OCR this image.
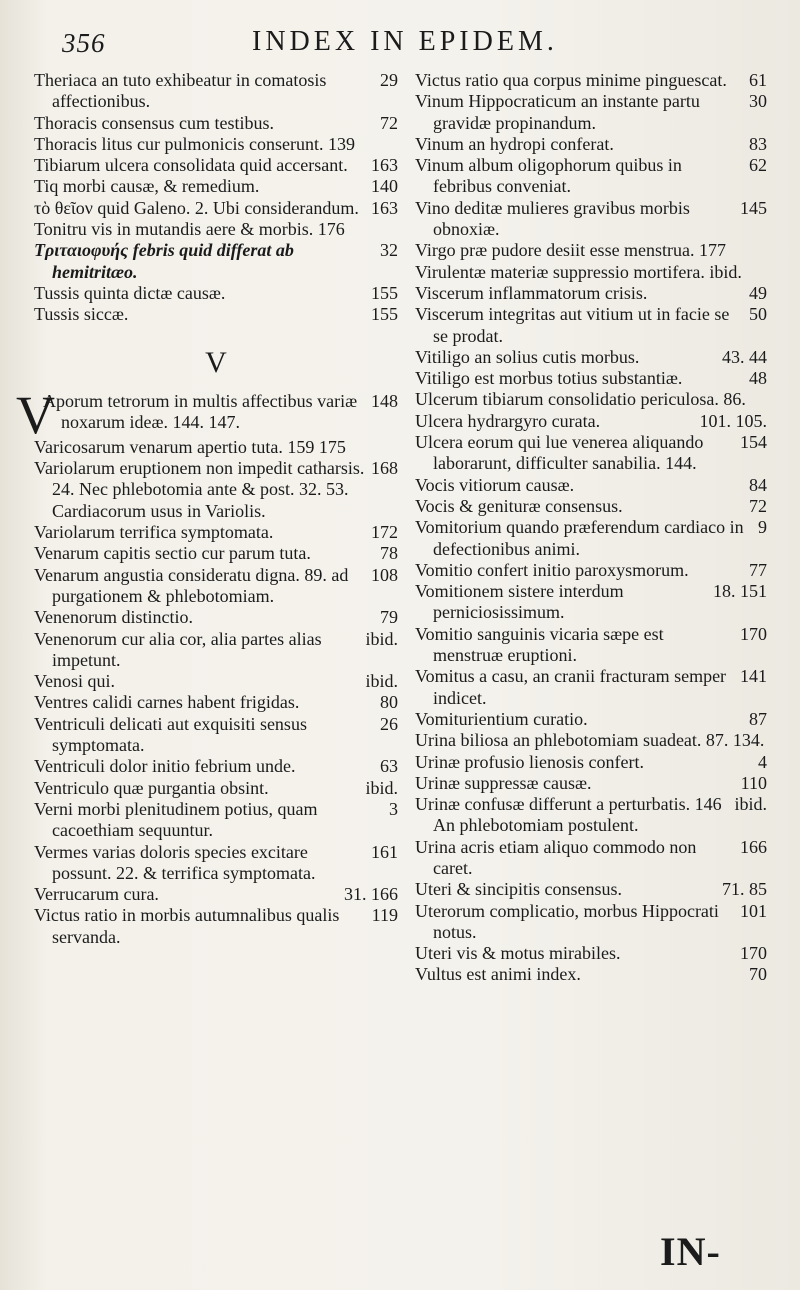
356	INDEX IN EPIDEM.
29
Theriaca an tuto exhibeatur in comatosis affectionibus.
72
Thoracis consensus cum testibus.
Thoracis litus cur pulmonicis conserunt. 139
163
Tibiarum ulcera consolidata quid accersant.
140
Tiq morbi causæ, & remedium.
163
τὸ θεῖον quid Galeno. 2. Ubi considerandum.
Tonitru vis in mutandis aere & morbis. 176
32
Τριταιοφυής febris quid differat ab hemitritæo.
155
Tussis quinta dictæ causæ.
155
Tussis siccæ.
V
V	148
Aporum tetrorum in multis affectibus variæ noxarum ideæ. 144. 147.
Varicosarum venarum apertio tuta. 159 175
168
Variolarum eruptionem non impedit catharsis. 24. Nec phlebotomia ante & post. 32. 53. Cardiacorum usus in Variolis.
172
Variolarum terrifica symptomata.
78
Venarum capitis sectio cur parum tuta.
108
Venarum angustia consideratu digna. 89. ad purgationem & phlebotomiam.
79
Venenorum distinctio.
ibid.
Venenorum cur alia cor, alia partes alias impetunt.
ibid.
Venosi qui.
80
Ventres calidi carnes habent frigidas.
26
Ventriculi delicati aut exquisiti sensus symptomata.
63
Ventriculi dolor initio febrium unde.
ibid.
Ventriculo quæ purgantia obsint.
3
Verni morbi plenitudinem potius, quam cacoethiam sequuntur.
161
Vermes varias doloris species excitare possunt. 22. & terrifica symptomata.
31. 166
Verrucarum cura.
119
Victus ratio in morbis autumnalibus qualis servanda.
61
Victus ratio qua corpus minime pinguescat.
30
Vinum Hippocraticum an instante partu gravidæ propinandum.
83
Vinum an hydropi conferat.
62
Vinum album oligophorum quibus in febribus conveniat.
145
Vino deditæ mulieres gravibus morbis obnoxiæ.
Virgo præ pudore desiit esse menstrua. 177
Virulentæ materiæ suppressio mortifera. ibid.
49
Viscerum inflammatorum crisis.
50
Viscerum integritas aut vitium ut in facie se se prodat.
43. 44
Vitiligo an solius cutis morbus.
48
Vitiligo est morbus totius substantiæ.
Ulcerum tibiarum consolidatio periculosa. 86.
101. 105.
Ulcera hydrargyro curata.
154
Ulcera eorum qui lue venerea aliquando laborarunt, difficulter sanabilia. 144.
84
Vocis vitiorum causæ.
72
Vocis & genituræ consensus.
9
Vomitorium quando præferendum cardiaco in defectionibus animi.
77
Vomitio confert initio paroxysmorum.
18. 151
Vomitionem sistere interdum perniciosissimum.
170
Vomitio sanguinis vicaria sæpe est menstruæ eruptioni.
141
Vomitus a casu, an cranii fracturam semper indicet.
87
Vomiturientium curatio.
Urina biliosa an phlebotomiam suadeat. 87. 134.
4
Urinæ profusio lienosis confert.
110
Urinæ suppressæ causæ.
ibid.
Urinæ confusæ differunt a perturbatis. 146 An phlebotomiam postulent.
166
Urina acris etiam aliquo commodo non caret.
71. 85
Uteri & sincipitis consensus.
101
Uterorum complicatio, morbus Hippocrati notus.
170
Uteri vis & motus mirabiles.
70
Vultus est animi index.
IN-
